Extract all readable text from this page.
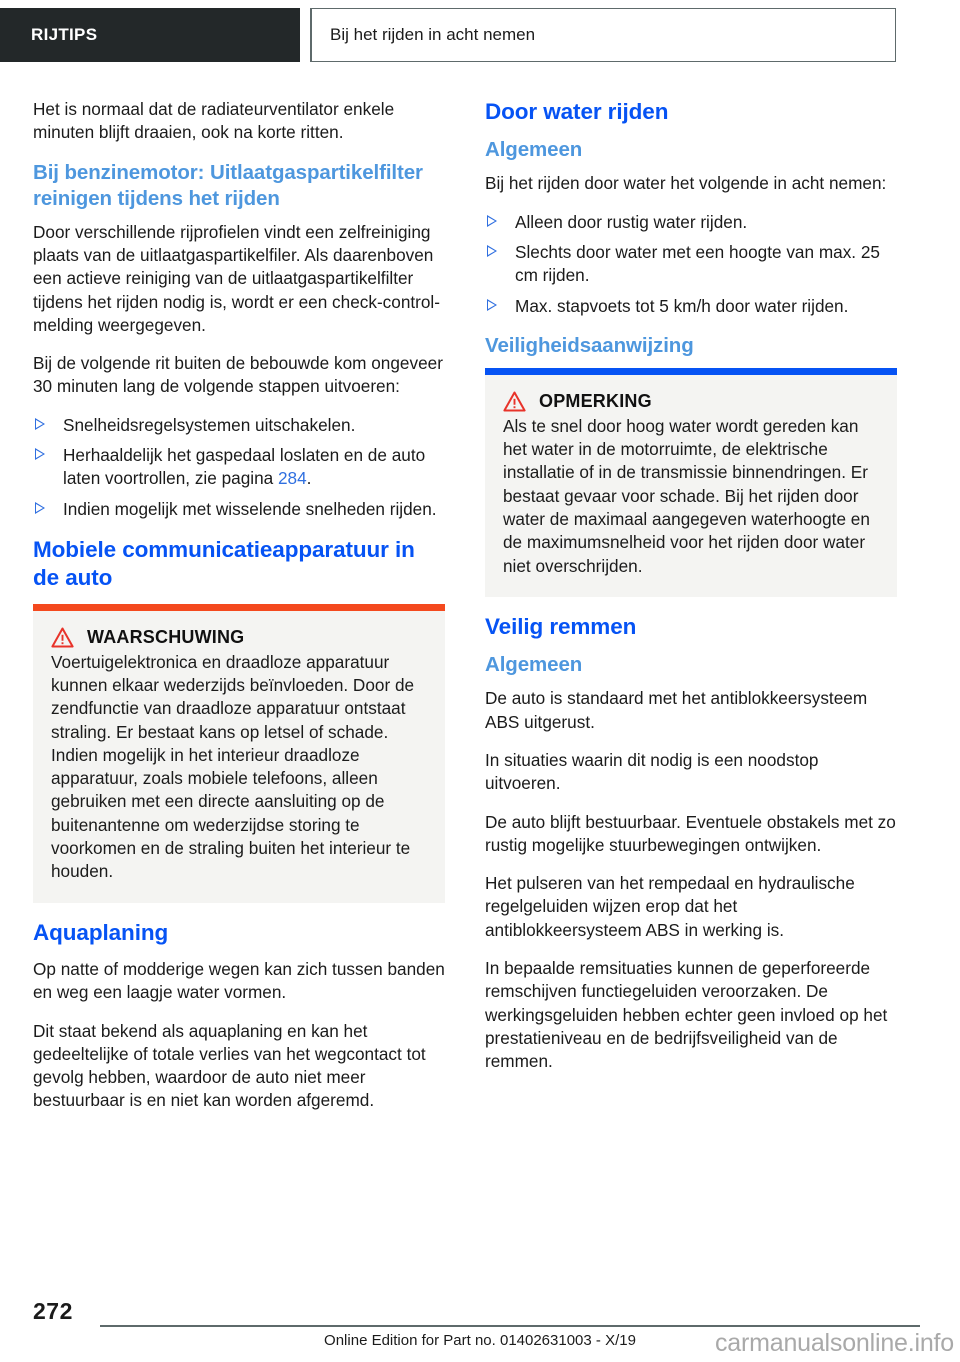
RIJTIPS	Bij het rijden in acht nemen

Het is normaal dat de radiateurventilator enkele minuten blijft draaien, ook na korte ritten.

Bij benzinemotor: Uitlaatgaspartikelfilter reinigen tijdens het rijden

Door verschillende rijprofielen vindt een zelfreiniging plaats van de uitlaatgaspartikelfiler. Als daarenboven een actieve reiniging van de uitlaatgaspartikelfilter tijdens het rijden nodig is, wordt er een check-control-melding weergegeven.

Bij de volgende rit buiten de bebouwde kom ongeveer 30 minuten lang de volgende stappen uitvoeren:

Snelheidsregelsystemen uitschakelen.
Herhaaldelijk het gaspedaal loslaten en de auto laten voortrollen, zie pagina 284.
Indien mogelijk met wisselende snelheden rijden.
Mobiele communicatieapparatuur in de auto
WAARSCHUWING

Voertuigelektronica en draadloze apparatuur kunnen elkaar wederzijds beïnvloeden. Door de zendfunctie van draadloze apparatuur ontstaat straling. Er bestaat kans op letsel of schade. Indien mogelijk in het interieur draadloze apparatuur, zoals mobiele telefoons, alleen gebruiken met een directe aansluiting op de buitenantenne om wederzijdse storing te voorkomen en de straling buiten het interieur te houden.

Aquaplaning

Op natte of modderige wegen kan zich tussen banden en weg een laagje water vormen.

Dit staat bekend als aquaplaning en kan het gedeeltelijke of totale verlies van het wegcontact tot gevolg hebben, waardoor de auto niet meer bestuurbaar is en niet kan worden afgeremd.

Door water rijden
Algemeen

Bij het rijden door water het volgende in acht nemen:

Alleen door rustig water rijden.
Slechts door water met een hoogte van max. 25 cm rijden.
Max. stapvoets tot 5 km/h door water rijden.
Veiligheidsaanwijzing
OPMERKING

Als te snel door hoog water wordt gereden kan het water in de motorruimte, de elektrische installatie of in de transmissie binnendringen. Er bestaat gevaar voor schade. Bij het rijden door water de maximaal aangegeven waterhoogte en de maximumsnelheid voor het rijden door water niet overschrijden.

Veilig remmen
Algemeen

De auto is standaard met het antiblokkeersysteem ABS uitgerust.

In situaties waarin dit nodig is een noodstop uitvoeren.

De auto blijft bestuurbaar. Eventuele obstakels met zo rustig mogelijke stuurbewegingen ontwijken.

Het pulseren van het rempedaal en hydraulische regelgeluiden wijzen erop dat het antiblokkeersysteem ABS in werking is.

In bepaalde remsituaties kunnen de geperforeerde remschijven functiegeluiden veroorzaken. De werkingsgeluiden hebben echter geen invloed op het prestatieniveau en de bedrijfsveiligheid van de remmen.

272
Online Edition for Part no. 01402631003 - X/19	carmanualsonline.info
